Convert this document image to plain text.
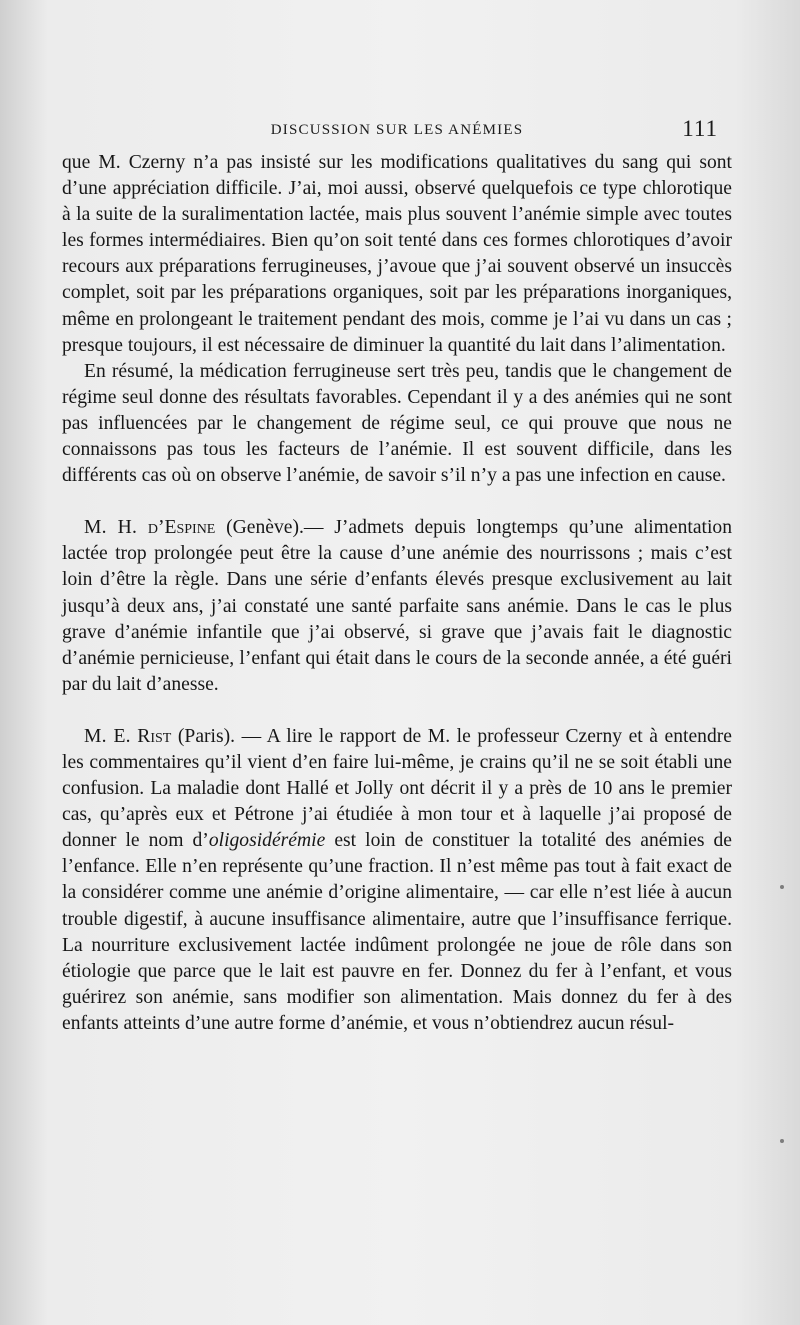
DISCUSSION SUR LES ANÉMIES	111

que M. Czerny n’a pas insisté sur les modifications qualitatives du sang qui sont d’une appréciation difficile. J’ai, moi aussi, observé quelquefois ce type chlorotique à la suite de la suralimentation lactée, mais plus souvent l’anémie simple avec toutes les formes intermédiaires. Bien qu’on soit tenté dans ces formes chlorotiques d’avoir recours aux préparations ferrugineuses, j’avoue que j’ai souvent observé un insuccès complet, soit par les préparations organiques, soit par les préparations inorganiques, même en prolongeant le traitement pendant des mois, comme je l’ai vu dans un cas ; presque toujours, il est nécessaire de diminuer la quantité du lait dans l’alimentation.

En résumé, la médication ferrugineuse sert très peu, tandis que le changement de régime seul donne des résultats favorables. Cependant il y a des anémies qui ne sont pas influencées par le changement de régime seul, ce qui prouve que nous ne connaissons pas tous les facteurs de l’anémie. Il est souvent difficile, dans les différents cas où on observe l’anémie, de savoir s’il n’y a pas une infection en cause.

M. H. d’Espine (Genève).— J’admets depuis longtemps qu’une alimentation lactée trop prolongée peut être la cause d’une anémie des nourrissons ; mais c’est loin d’être la règle. Dans une série d’enfants élevés presque exclusivement au lait jusqu’à deux ans, j’ai constaté une santé parfaite sans anémie. Dans le cas le plus grave d’anémie infantile que j’ai observé, si grave que j’avais fait le diagnostic d’anémie pernicieuse, l’enfant qui était dans le cours de la seconde année, a été guéri par du lait d’anesse.

M. E. Rist (Paris). — A lire le rapport de M. le professeur Czerny et à entendre les commentaires qu’il vient d’en faire lui-même, je crains qu’il ne se soit établi une confusion. La maladie dont Hallé et Jolly ont décrit il y a près de 10 ans le premier cas, qu’après eux et Pétrone j’ai étudiée à mon tour et à laquelle j’ai proposé de donner le nom d’oligosidérémie est loin de constituer la totalité des anémies de l’enfance. Elle n’en représente qu’une fraction. Il n’est même pas tout à fait exact de la considérer comme une anémie d’origine alimentaire, — car elle n’est liée à aucun trouble digestif, à aucune insuffisance alimentaire, autre que l’insuffisance ferrique. La nourriture exclusivement lactée indûment prolongée ne joue de rôle dans son étiologie que parce que le lait est pauvre en fer. Donnez du fer à l’enfant, et vous guérirez son anémie, sans modifier son alimentation. Mais donnez du fer à des enfants atteints d’une autre forme d’anémie, et vous n’obtiendrez aucun résul-
